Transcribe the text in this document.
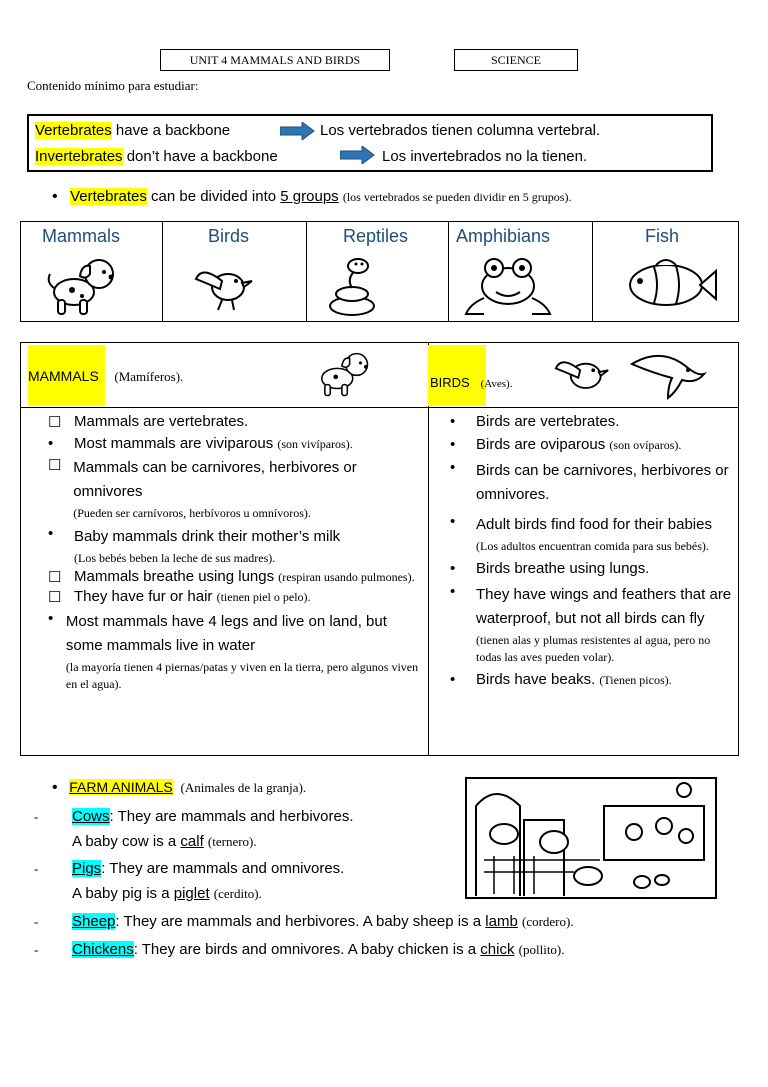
UNIT 4 MAMMALS AND BIRDS	SCIENCE
Contenido mínimo para estudiar:
Vertebrates have a backbone	Los vertebrados tienen columna vertebral.
Invertebrates don’t have a backbone	Los invertebrados no la tienen.
• Vertebrates can be divided into 5 groups (los vertebrados se pueden dividir en 5 grupos).
Mammals	Birds	Reptiles	Amphibians	Fish
MAMMALS (Mamíferos).	BIRDS (Aves).
☐ Mammals are vertebrates.
•	Most mammals are viviparous (son vivíparos).
☐ Mammals can be carnivores, herbivores or omnivores
(Pueden ser carnívoros, herbívoros u omnívoros).
•	Baby mammals drink their mother’s milk
(Los bebés beben la leche de sus madres).
☐ Mammals breathe using lungs (respiran usando pulmones).
☐ They have fur or hair (tienen piel o pelo).
• Most mammals have 4 legs and live on land, but some mammals live in water
(la mayoría tienen 4 piernas/patas y viven en la tierra, pero algunos viven en el agua).
•	Birds are vertebrates.
•	Birds are oviparous (son ovíparos).
•	Birds can be carnivores, herbivores or omnivores.
•	Adult birds find food for their babies
(Los adultos encuentran comida para sus bebés).
•	Birds breathe using lungs.
•	They have wings and feathers that are waterproof, but not all birds can fly
(tienen alas y plumas resistentes al agua, pero no todas las aves pueden volar).
•	Birds have beaks. (Tienen picos).
• FARM ANIMALS (Animales de la granja).
- Cows: They are mammals and herbivores.
A baby cow is a calf (ternero).
- Pigs: They are mammals and omnivores.
A baby pig is a piglet (cerdito).
- Sheep: They are mammals and herbivores. A baby sheep is a lamb (cordero).
- Chickens: They are birds and omnivores. A baby chicken is a chick (pollito).
